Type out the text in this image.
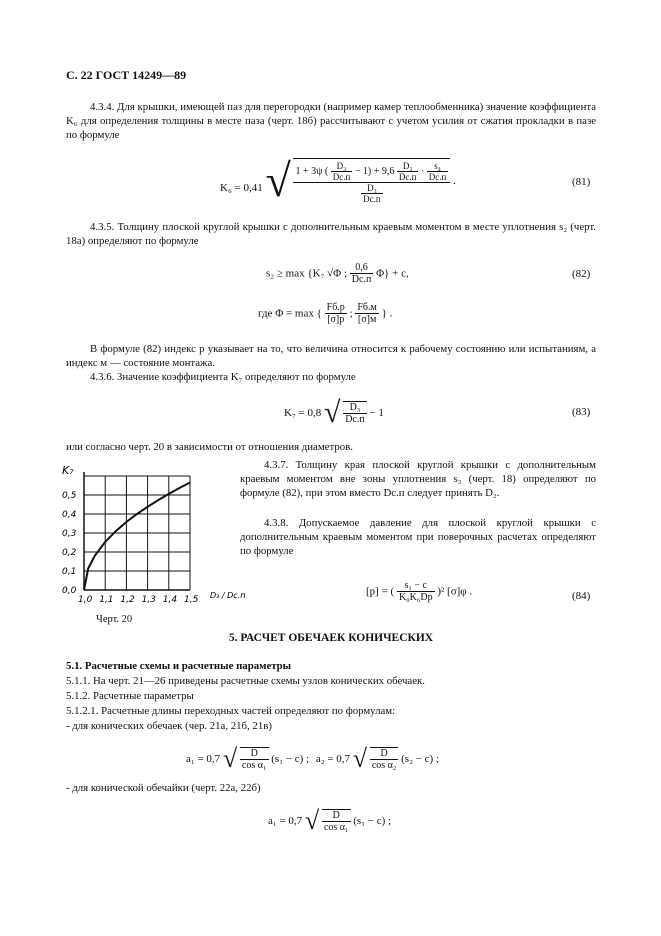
С. 22 ГОСТ 14249—89
4.3.4. Для крышки, имеющей паз для перегородки (например камер теплообменника) значение коэффициента K₆ для определения толщины в месте паза (черт. 18б) рассчитывают с учетом усилия от сжатия прокладки в пазе по формуле
K₆ = 0,41 √ 1 + 3ψ ( $\frac{\text{D₃}}{Dс.п} - 1) + 9,6 \frac{\text{D₃}}{Dс.п} \cdot \frac{\text{s₄}}{Dс.п}$
$\frac{\text{D₃}}{Dс.п}$
.	(81)
4.3.5. Толщину плоской круглой крышки с дополнительным краевым моментом в месте уплотнения s₂ (черт. 18а) определяют по формуле
s₂ ≥ max {K₇ √Φ ; $\frac{0,6}{Dс.п} \Phi\} + c$,	(82)
где Φ = max { $\frac{Fб.р}{[\sigma]р}$ ; $\frac{Fб.м}{[\sigma]м}$ } .
В формуле (82) индекс р указывает на то, что величина относится к рабочему состоянию или испытаниям, а индекс м — состояние монтажа.
4.3.6. Значение коэффициента K₇ определяют по формуле
K₇ = 0,8 √ $\frac{\text{D₃}}{Dс.п} - 1$	(83)
или согласно черт. 20 в зависимости от отношения диаметров.
0,0
0,1
0,2
0,3
0,4
0,5
1,0 1,1 1,2 1,3 1,4 1,5
K₇
D₃ / Dс.п
Черт. 20
4.3.7. Толщину края плоской круглой крышки с дополнительным краевым моментом вне зоны уплотнения s₃ (черт. 18) определяют по формуле (82), при этом вместо Dс.п следует принять D₂.
4.3.8. Допускаемое давление для плоской круглой крышки с дополнительным краевым моментом при поверочных расчетах определяют по формуле
[p] = ( $\frac{\text{s₁ − c}}{\text{K₀K₆Dр}} )^2$ [σ]φ .	(84)
5. РАСЧЕТ ОБЕЧАЕК КОНИЧЕСКИХ
5.1. Расчетные схемы и расчетные параметры
5.1.1. На черт. 21—26 приведены расчетные схемы узлов конических обечаек.
5.1.2. Расчетные параметры
5.1.2.1. Расчетные длины переходных частей определяют по формулам:
- для конических обечаек (чер. 21а, 21б, 21в)
a₁ = 0,7 √ $\frac{D}{\text{cos α₁}} (s_1 - c)$ ; a₂ = 0,7 √ $\frac{D}{\text{cos α₂}} (s_2 - c)$ ;
- для конической обечайки (черт. 22а, 22б)
a₁ = 0,7 √ $\frac{D}{\text{cos α₁}} (s_1 - c)$ ;
